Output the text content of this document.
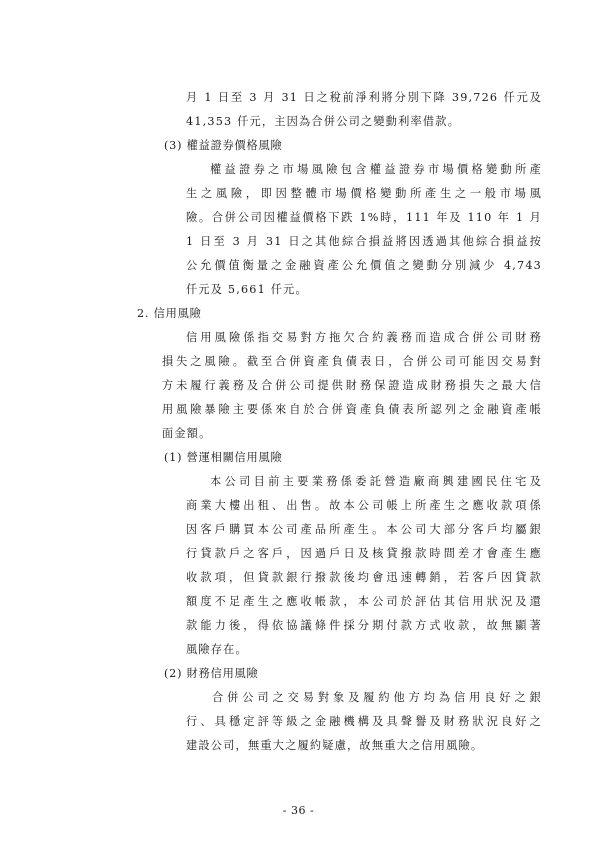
月 1 日至 3 月 31 日之稅前淨利將分別下降 39,726 仟元及
41,353 仟元，主因為合併公司之變動利率借款。
(3) 權益證券價格風險
權益證券之市場風險包含權益證券市場價格變動所產
生之風險，即因整體市場價格變動所產生之一般市場風
險。合併公司因權益價格下跌 1%時，111 年及 110 年 1 月
1 日至 3 月 31 日之其他綜合損益將因透過其他綜合損益按
公允價值衡量之金融資產公允價值之變動分別減少 4,743
仟元及 5,661 仟元。
2. 信用風險
信用風險係指交易對方拖欠合約義務而造成合併公司財務
損失之風險。截至合併資產負債表日，合併公司可能因交易對
方未履行義務及合併公司提供財務保證造成財務損失之最大信
用風險暴險主要係來自於合併資產負債表所認列之金融資產帳
面金額。
(1) 營運相關信用風險
本公司目前主要業務係委託營造廠商興建國民住宅及
商業大樓出租、出售。故本公司帳上所產生之應收款項係
因客戶購買本公司產品所產生。本公司大部分客戶均屬銀
行貸款戶之客戶，因過戶日及核貸撥款時間差才會產生應
收款項，但貸款銀行撥款後均會迅速轉銷，若客戶因貸款
額度不足產生之應收帳款，本公司於評估其信用狀況及還
款能力後，得依協議條件採分期付款方式收款，故無顯著
風險存在。
(2) 財務信用風險
合併公司之交易對象及履約他方均為信用良好之銀
行、具穩定評等級之金融機構及具聲譽及財務狀況良好之
建設公司，無重大之履約疑慮，故無重大之信用風險。
- 36 -
